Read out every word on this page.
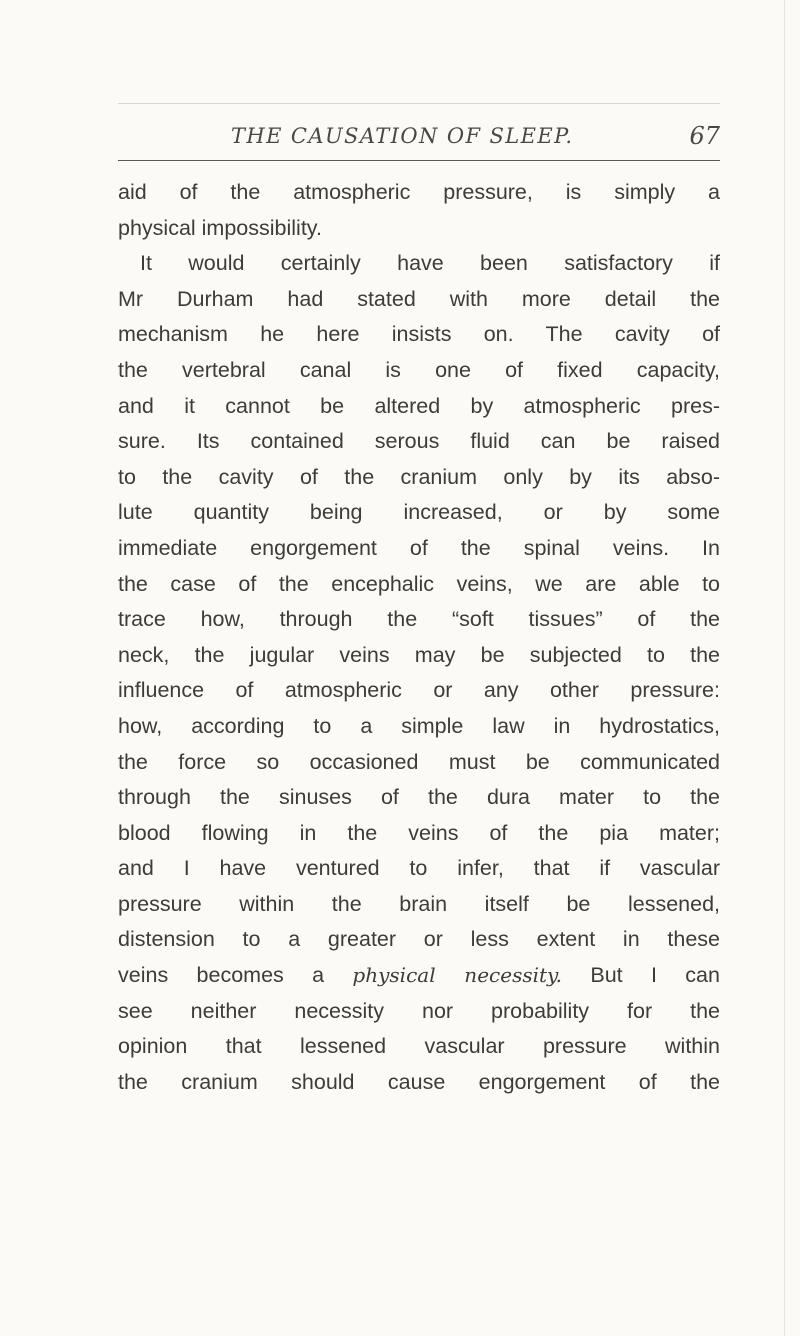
THE CAUSATION OF SLEEP.	67
aid of the atmospheric pressure, is simply a
physical impossibility.
It would certainly have been satisfactory if
Mr Durham had stated with more detail the
mechanism he here insists on. The cavity of
the vertebral canal is one of fixed capacity,
and it cannot be altered by atmospheric pres-
sure. Its contained serous fluid can be raised
to the cavity of the cranium only by its abso-
lute quantity being increased, or by some
immediate engorgement of the spinal veins. In
the case of the encephalic veins, we are able to
trace how, through the “soft tissues” of the
neck, the jugular veins may be subjected to the
influence of atmospheric or any other pressure:
how, according to a simple law in hydrostatics,
the force so occasioned must be communicated
through the sinuses of the dura mater to the
blood flowing in the veins of the pia mater;
and I have ventured to infer, that if vascular
pressure within the brain itself be lessened,
distension to a greater or less extent in these
veins becomes a physical necessity. But I can
see neither necessity nor probability for the
opinion that lessened vascular pressure within
the cranium should cause engorgement of the
